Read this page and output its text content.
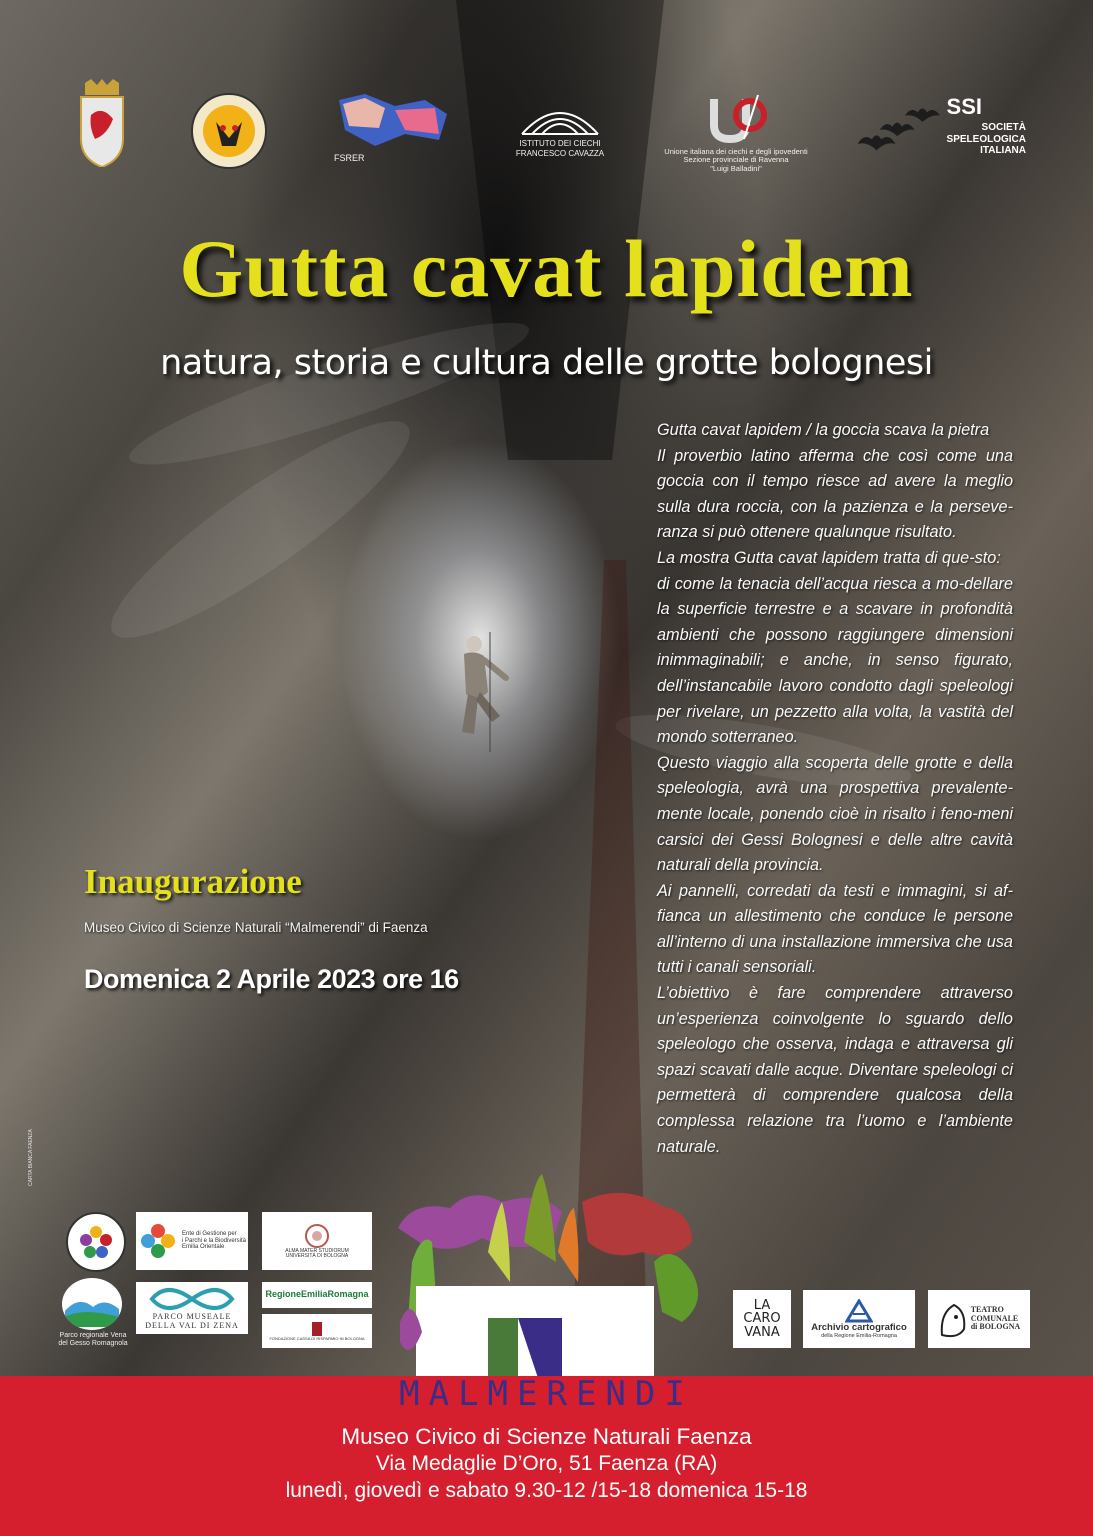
FSRER
ISTITUTO DEI CIECHI
FRANCESCO CAVAZZA	Unione italiana dei ciechi e degli ipovedenti
Sezione provinciale di Ravenna
"Luigi Balladini"
SSI
SOCIETÀ
SPELEOLOGICA
ITALIANA
Gutta cavat lapidem
natura, storia e cultura delle grotte bolognesi

Gutta cavat lapidem / la goccia scava la pietra

Il proverbio latino afferma che così come una goccia con il tempo riesce ad avere la meglio sulla dura roccia, con la pazienza e la perseve-ranza si può ottenere qualunque risultato.

La mostra Gutta cavat lapidem tratta di que-sto:

di come la tenacia dell’acqua riesca a mo-dellare la superficie terrestre e a scavare in profondità ambienti che possono raggiungere dimensioni inimmaginabili; e anche, in senso figurato, dell’instancabile lavoro condotto dagli speleologi per rivelare, un pezzetto alla volta, la vastità del mondo sotterraneo.

Questo viaggio alla scoperta delle grotte e della speleologia, avrà una prospettiva prevalente-mente locale, ponendo cioè in risalto i feno-meni carsici dei Gessi Bolognesi e delle altre cavità naturali della provincia.

Ai pannelli, corredati da testi e immagini, si af-fianca un allestimento che conduce le persone all’interno di una installazione immersiva che usa tutti i canali sensoriali.

L’obiettivo è fare comprendere attraverso un’esperienza coinvolgente lo sguardo dello speleologo che osserva, indaga e attraversa gli spazi scavati dalle acque. Diventare speleologi ci permetterà di comprendere qualcosa della complessa relazione tra l’uomo e l’ambiente naturale.

Inaugurazione
Museo Civico di Scienze Naturali “Malmerendi” di Faenza
Domenica 2 Aprile 2023 ore 16
CARTA BIANCA FAENZA
Ente di Gestione per
i Parchi e la Biodiversità
Emilia Orientale
ALMA MATER STUDIORUM
UNIVERSITÀ DI BOLOGNA
Parco regionale Vena
del Gesso Romagnola
PARCO MUSEALE
DELLA VAL DI ZENA
RegioneEmiliaRomagna
FONDAZIONE CASSA DI RISPARMIO IN BOLOGNA
LA
CARO
VANA	Archivio cartografico
della Regione Emilia-Romagna
TEATRO
COMUNALE
di BOLOGNA
MALMERENDI
Museo Civico di Scienze Naturali Faenza
Via Medaglie D’Oro, 51 Faenza (RA)
lunedì, giovedì e sabato 9.30-12 /15-18 domenica 15-18
